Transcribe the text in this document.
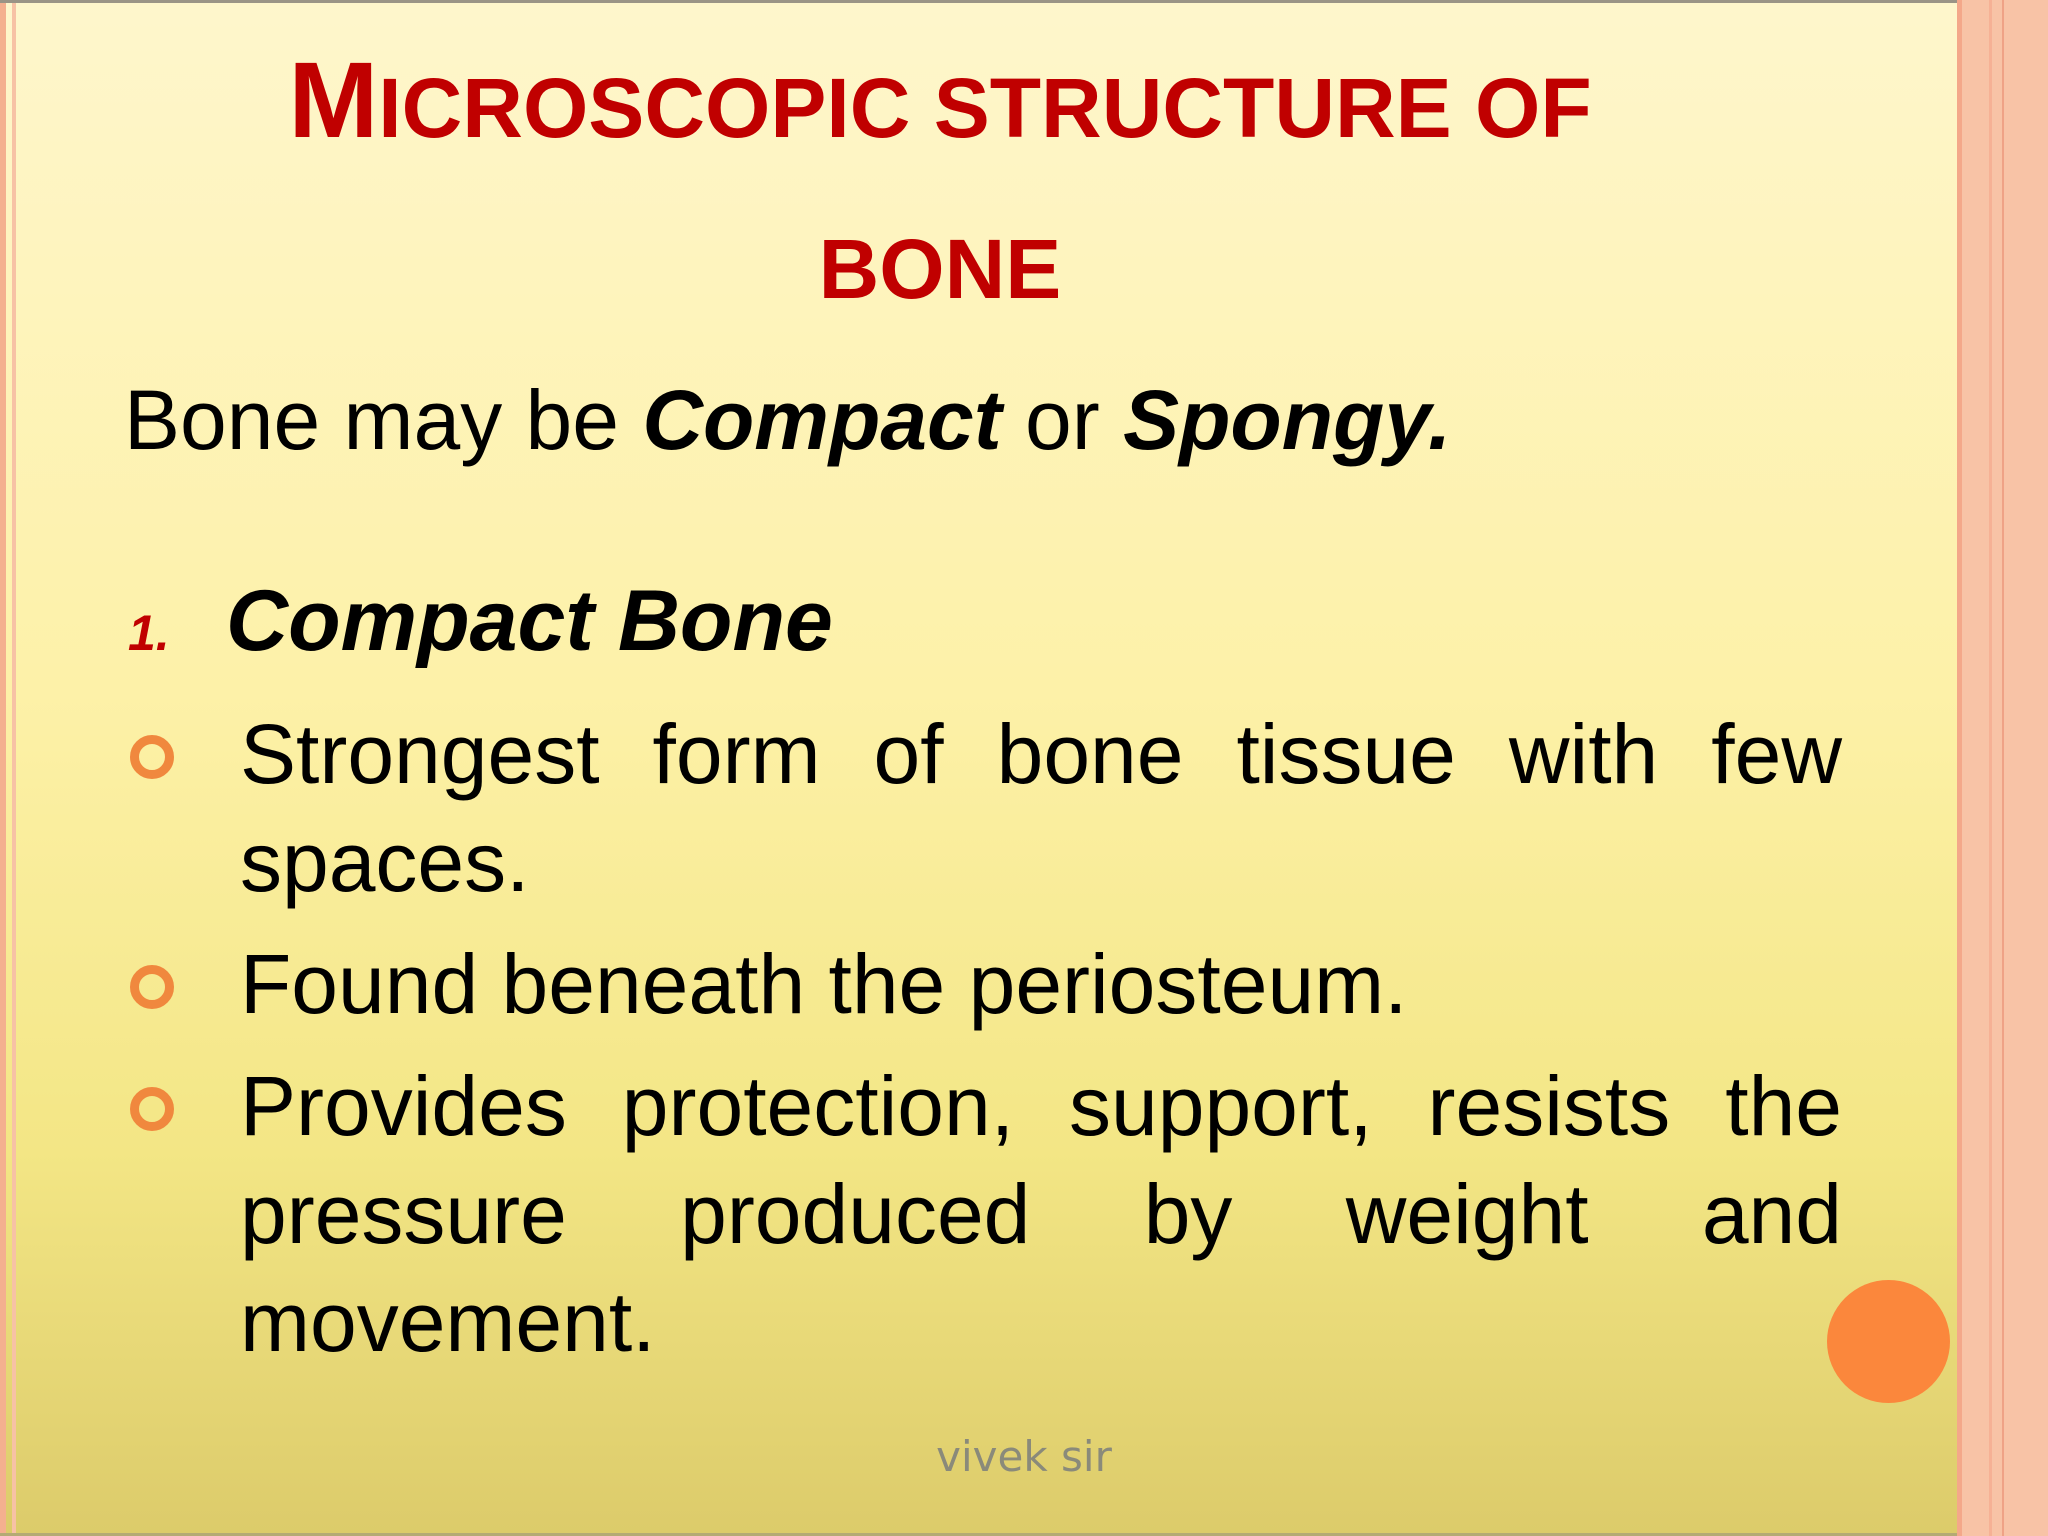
MICROSCOPIC STRUCTURE OF
BONE
Bone may be Compact or Spongy.
1. Compact Bone
Strongest form of bone tissue with few spaces.
Found beneath the periosteum.
Provides protection, support, resists the pressure produced by weight and movement.
vivek sir
